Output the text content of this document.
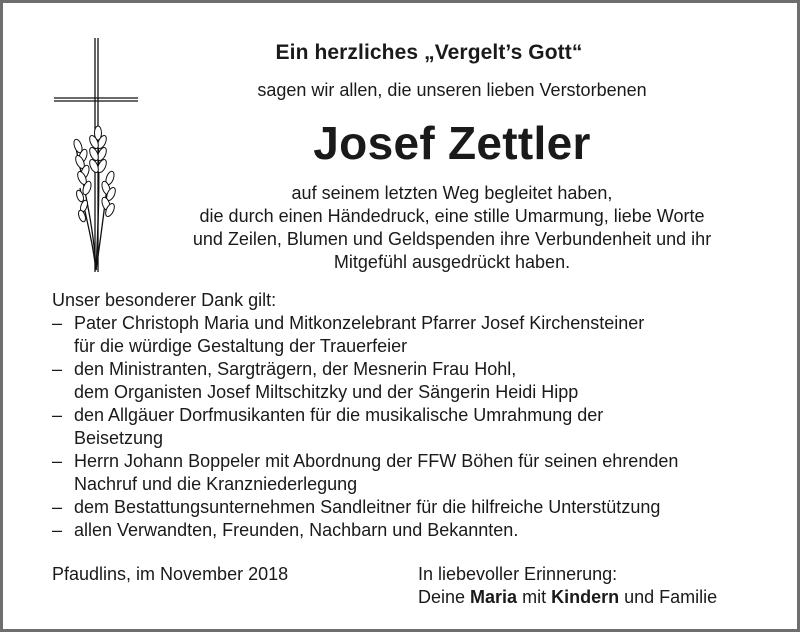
Ein herzliches „Vergelt’s Gott“
sagen wir allen, die unseren lieben Verstorbenen
Josef Zettler
auf seinem letzten Weg begleitet haben,
die durch einen Händedruck, eine stille Umarmung, liebe Worte
und Zeilen, Blumen und Geldspenden ihre Verbundenheit und ihr
Mitgefühl ausgedrückt haben.
Unser besonderer Dank gilt:
– Pater Christoph Maria und Mitkonzelebrant Pfarrer Josef Kirchensteiner
für die würdige Gestaltung der Trauerfeier
– den Ministranten, Sargträgern, der Mesnerin Frau Hohl,
dem Organisten Josef Miltschitzky und der Sängerin Heidi Hipp
– den Allgäuer Dorfmusikanten für die musikalische Umrahmung der
Beisetzung
– Herrn Johann Boppeler mit Abordnung der FFW Böhen für seinen ehrenden
Nachruf und die Kranzniederlegung
– dem Bestattungsunternehmen Sandleitner für die hilfreiche Unterstützung
– allen Verwandten, Freunden, Nachbarn und Bekannten.
Pfaudlins, im November 2018	In liebevoller Erinnerung:
Deine Maria mit Kindern und Familie
